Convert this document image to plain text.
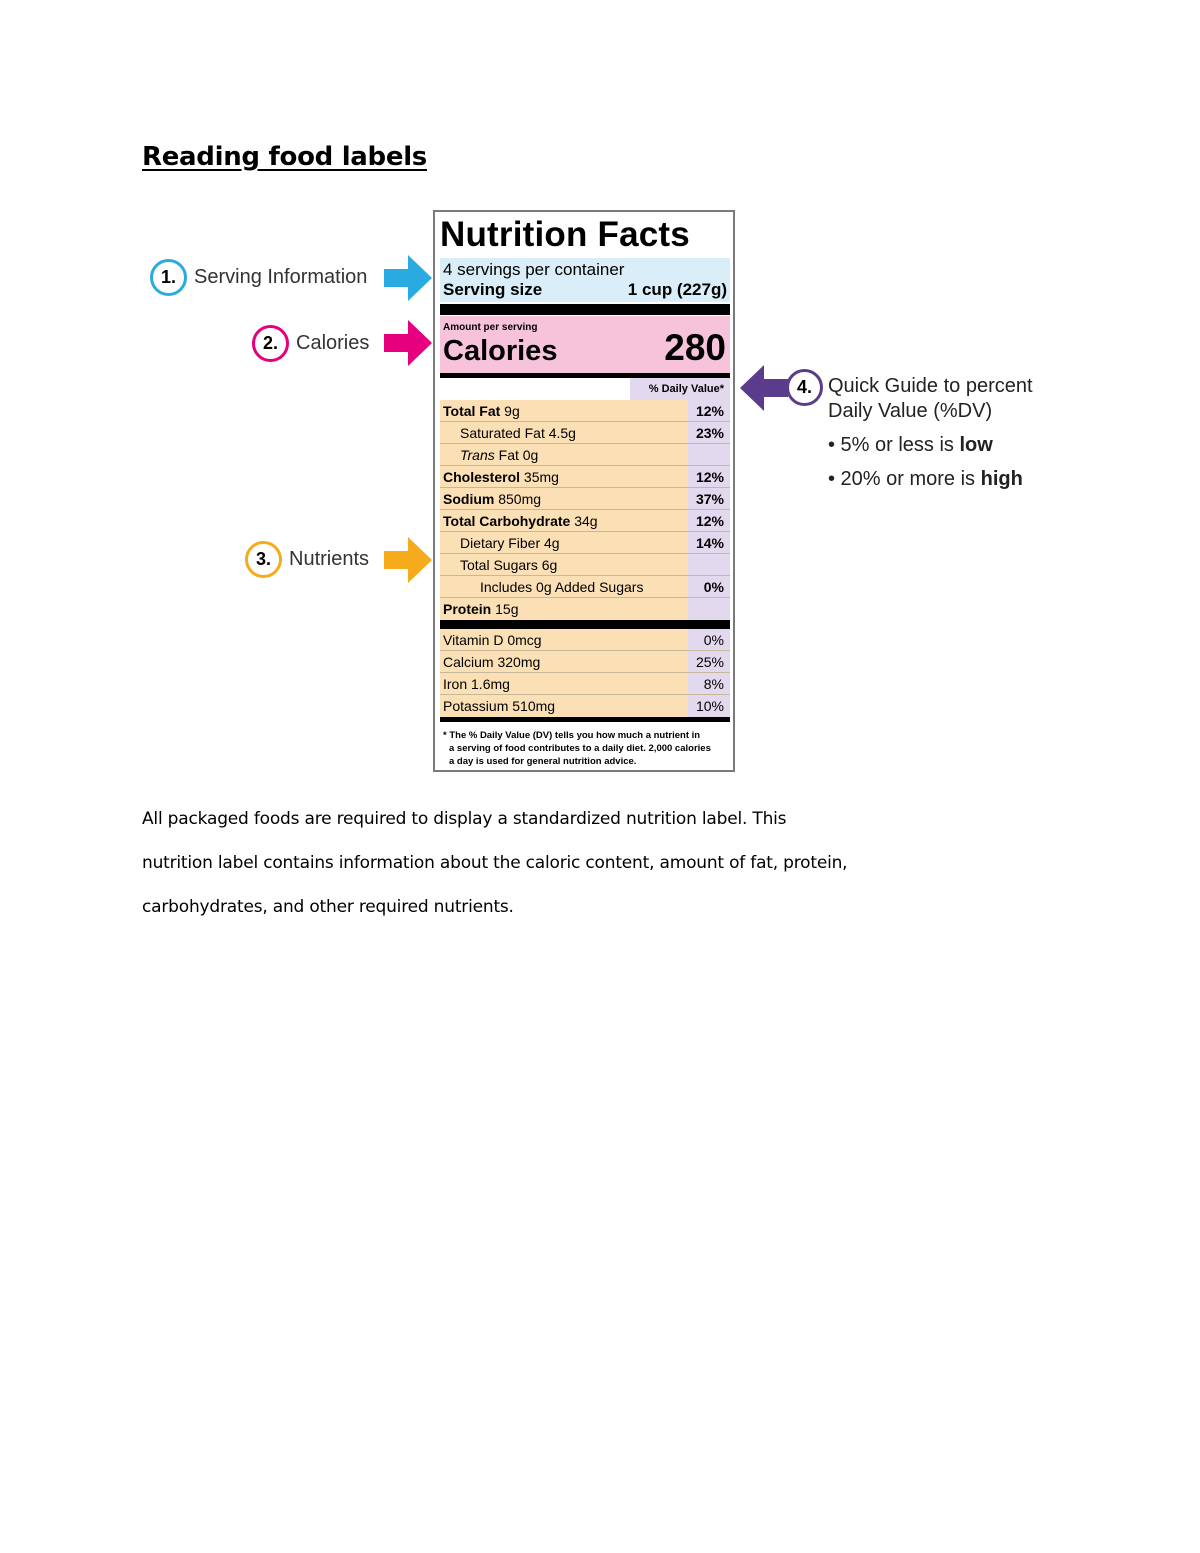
Reading food labels
Nutrition Facts
4 servings per container
Serving size	1 cup (227g)
Amount per serving
Calories	280
% Daily Value*
Total Fat 9g	12%
Saturated Fat 4.5g	23%
Trans Fat 0g
Cholesterol 35mg	12%
Sodium 850mg	37%
Total Carbohydrate 34g	12%
Dietary Fiber 4g	14%
Total Sugars 6g
Includes 0g Added Sugars	0%
Protein 15g
Vitamin D 0mcg	0%
Calcium 320mg	25%
Iron 1.6mg	8%
Potassium 510mg	10%
* The % Daily Value (DV) tells you how much a nutrient in
a serving of food contributes to a daily diet. 2,000 calories
a day is used for general nutrition advice.
1. Serving Information
2. Calories
3. Nutrients
4. Quick Guide to percent
Daily Value (%DV)
• 5% or less is low
• 20% or more is high
All packaged foods are required to display a standardized nutrition label. This
nutrition label contains information about the caloric content, amount of fat, protein,
carbohydrates, and other required nutrients.
